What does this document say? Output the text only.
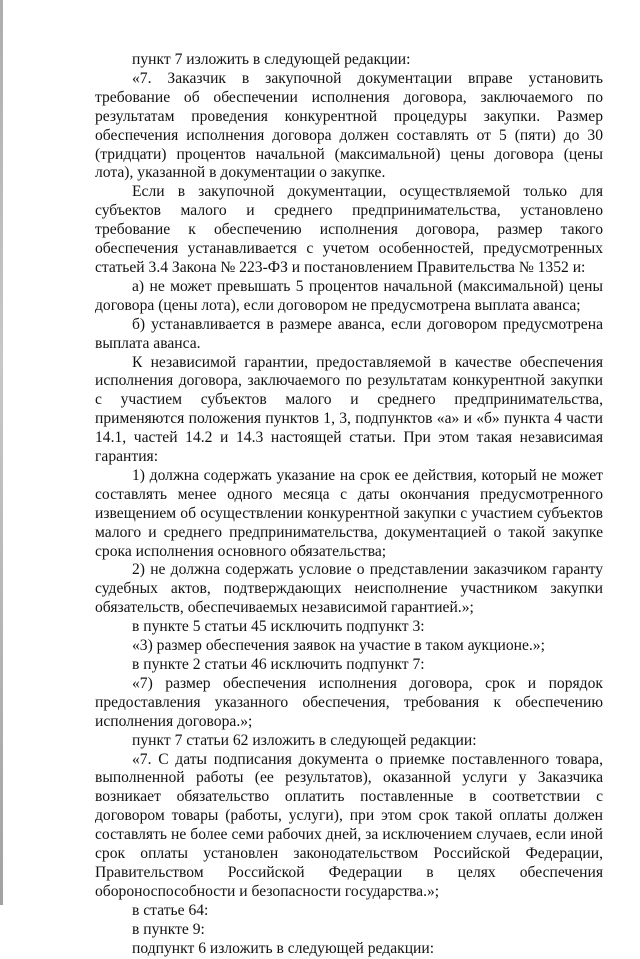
пункт 7 изложить в следующей редакции:

«7. Заказчик в закупочной документации вправе установить требование об обеспечении исполнения договора, заключаемого по результатам проведения конкурентной процедуры закупки. Размер обеспечения исполнения договора должен составлять от 5 (пяти) до 30 (тридцати) процентов начальной (максимальной) цены договора (цены лота), указанной в документации о закупке.

Если в закупочной документации, осуществляемой только для субъектов малого и среднего предпринимательства, установлено требование к обеспечению исполнения договора, размер такого обеспечения устанавливается с учетом особенностей, предусмотренных статьей 3.4 Закона № 223-ФЗ и постановлением Правительства № 1352 и:

а) не может превышать 5 процентов начальной (максимальной) цены договора (цены лота), если договором не предусмотрена выплата аванса;

б) устанавливается в размере аванса, если договором предусмотрена выплата аванса.

К независимой гарантии, предоставляемой в качестве обеспечения исполнения договора, заключаемого по результатам конкурентной закупки с участием субъектов малого и среднего предпринимательства, применяются положения пунктов 1, 3, подпунктов «а» и «б» пункта 4 части 14.1, частей 14.2 и 14.3 настоящей статьи. При этом такая независимая гарантия:

1) должна содержать указание на срок ее действия, который не может составлять менее одного месяца с даты окончания предусмотренного извещением об осуществлении конкурентной закупки с участием субъектов малого и среднего предпринимательства, документацией о такой закупке срока исполнения основного обязательства;

2) не должна содержать условие о представлении заказчиком гаранту судебных актов, подтверждающих неисполнение участником закупки обязательств, обеспечиваемых независимой гарантией.»;

в пункте 5 статьи 45 исключить подпункт 3:

«3) размер обеспечения заявок на участие в таком аукционе.»;

в пункте 2 статьи 46 исключить подпункт 7:

«7) размер обеспечения исполнения договора, срок и порядок предоставления указанного обеспечения, требования к обеспечению исполнения договора.»;

пункт 7 статьи 62 изложить в следующей редакции:

«7. С даты подписания документа о приемке поставленного товара, выполненной работы (ее результатов), оказанной услуги у Заказчика возникает обязательство оплатить поставленные в соответствии с договором товары (работы, услуги), при этом срок такой оплаты должен составлять не более семи рабочих дней, за исключением случаев, если иной срок оплаты установлен законодательством Российской Федерации, Правительством Российской Федерации в целях обеспечения обороноспособности и безопасности государства.»;

в статье 64:

в пункте 9:

подпункт 6 изложить в следующей редакции:
